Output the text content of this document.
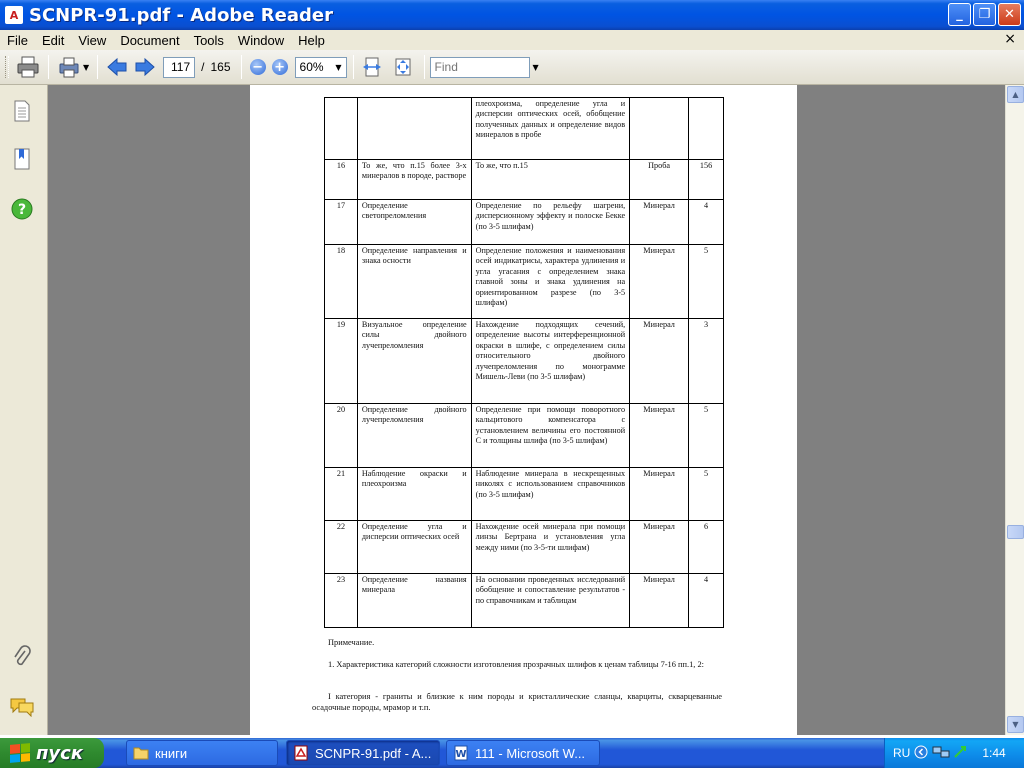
A SCNPR-91.pdf - Adobe Reader	_	❐	✕
File	Edit	View	Document	Tools	Window	Help	×
▼	117 / 165 − + 60% ▼
Find	▼
?
		плеохроизма, определение угла и дисперсии оптических осей, обобщение полученных данных и определение видов минералов в пробе		
16	То же, что п.15 более 3-х минералов в породе, растворе	То же, что п.15	Проба	156
17	Определение светопреломления	Определение по рельефу шагрени, дисперсионному эффекту и полоске Бекке (по 3-5 шлифам)	Минерал	4
18	Определение направления и знака осности	Определение положения и наименования осей индикатрисы, характера удлинения и угла угасания с определением знака главной зоны и знака удлинения на ориентированном разрезе (по 3-5 шлифам)	Минерал	5
19	Визуальное определение силы двойного лучепреломления	Нахождение подходящих сечений, определение высоты интерференционной окраски в шлифе, с определением силы относительного двойного лучепреломления по монограмме Мишель-Леви (по 3-5 шлифам)	Минерал	3
20	Определение двойного лучепреломления	Определение при помощи поворотного кальцитового компенсатора с установлением величины его постоянной C и толщины шлифа (по 3-5 шлифам)	Минерал	5
21	Наблюдение окраски и плеохроизма	Наблюдение минерала в нескрещенных николях с использованием справочников (по 3-5 шлифам)	Минерал	5
22	Определение угла и дисперсии оптических осей	Нахождение осей минерала при помощи линзы Бертрана и установления угла между ними (по 3-5-ти шлифам)	Минерал	6
23	Определение названия минерала	На основании проведенных исследований обобщение и сопоставление результатов - по справочникам и таблицам	Минерал	4
Примечание.
1. Характеристика категорий сложности изготовления прозрачных шлифов к ценам таблицы 7-16 пп.1, 2:
I категория - граниты и близкие к ним породы и кристаллические сланцы, кварциты, скварцеванные осадочные породы, мрамор и т.п.
▲
▼
пуск	книги	SCNPR-91.pdf - A... W 111 - Microsoft W...	RU	1:44
